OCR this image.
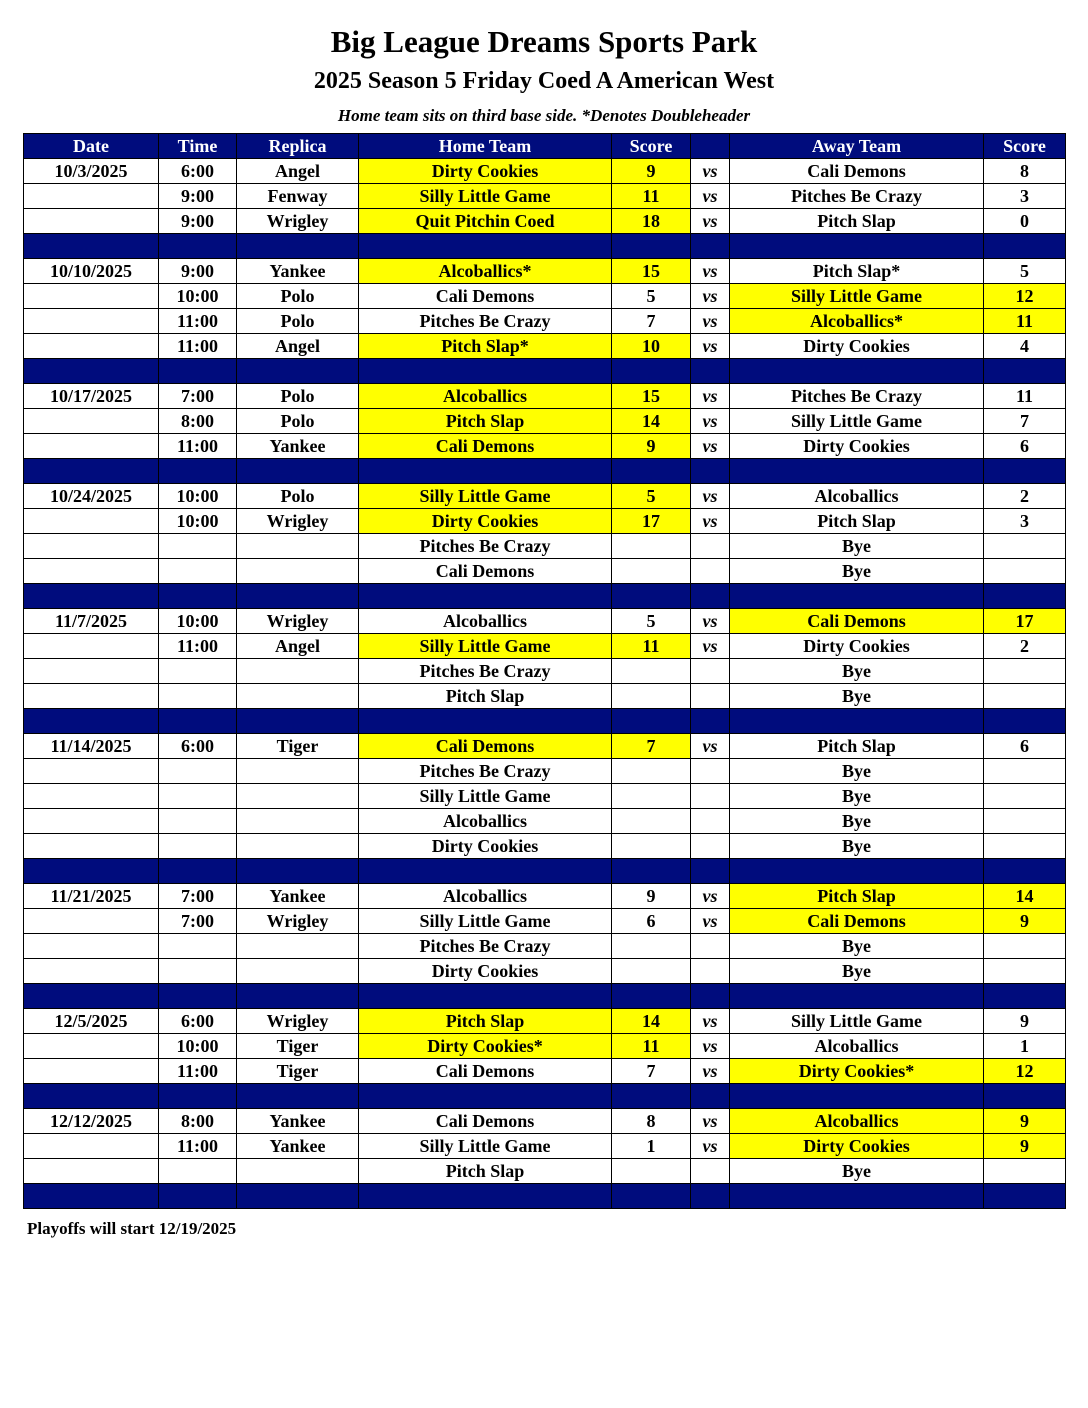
Big League Dreams Sports Park
2025 Season 5 Friday Coed A American West
Home team sits on third base side. *Denotes Doubleheader
Date	Time	Replica	Home Team	Score		Away Team	Score
10/3/2025	6:00	Angel	Dirty Cookies	9	vs	Cali Demons	8
	9:00	Fenway	Silly Little Game	11	vs	Pitches Be Crazy	3
	9:00	Wrigley	Quit Pitchin Coed	18	vs	Pitch Slap	0

10/10/2025	9:00	Yankee	Alcoballics*	15	vs	Pitch Slap*	5
	10:00	Polo	Cali Demons	5	vs	Silly Little Game	12
	11:00	Polo	Pitches Be Crazy	7	vs	Alcoballics*	11
	11:00	Angel	Pitch Slap*	10	vs	Dirty Cookies	4

10/17/2025	7:00	Polo	Alcoballics	15	vs	Pitches Be Crazy	11
	8:00	Polo	Pitch Slap	14	vs	Silly Little Game	7
	11:00	Yankee	Cali Demons	9	vs	Dirty Cookies	6

10/24/2025	10:00	Polo	Silly Little Game	5	vs	Alcoballics	2
	10:00	Wrigley	Dirty Cookies	17	vs	Pitch Slap	3
			Pitches Be Crazy			Bye	
			Cali Demons			Bye	

11/7/2025	10:00	Wrigley	Alcoballics	5	vs	Cali Demons	17
	11:00	Angel	Silly Little Game	11	vs	Dirty Cookies	2
			Pitches Be Crazy			Bye	
			Pitch Slap			Bye	

11/14/2025	6:00	Tiger	Cali Demons	7	vs	Pitch Slap	6
			Pitches Be Crazy			Bye	
			Silly Little Game			Bye	
			Alcoballics			Bye	
			Dirty Cookies			Bye	

11/21/2025	7:00	Yankee	Alcoballics	9	vs	Pitch Slap	14
	7:00	Wrigley	Silly Little Game	6	vs	Cali Demons	9
			Pitches Be Crazy			Bye	
			Dirty Cookies			Bye	

12/5/2025	6:00	Wrigley	Pitch Slap	14	vs	Silly Little Game	9
	10:00	Tiger	Dirty Cookies*	11	vs	Alcoballics	1
	11:00	Tiger	Cali Demons	7	vs	Dirty Cookies*	12

12/12/2025	8:00	Yankee	Cali Demons	8	vs	Alcoballics	9
	11:00	Yankee	Silly Little Game	1	vs	Dirty Cookies	9
			Pitch Slap			Bye	

Playoffs will start 12/19/2025
